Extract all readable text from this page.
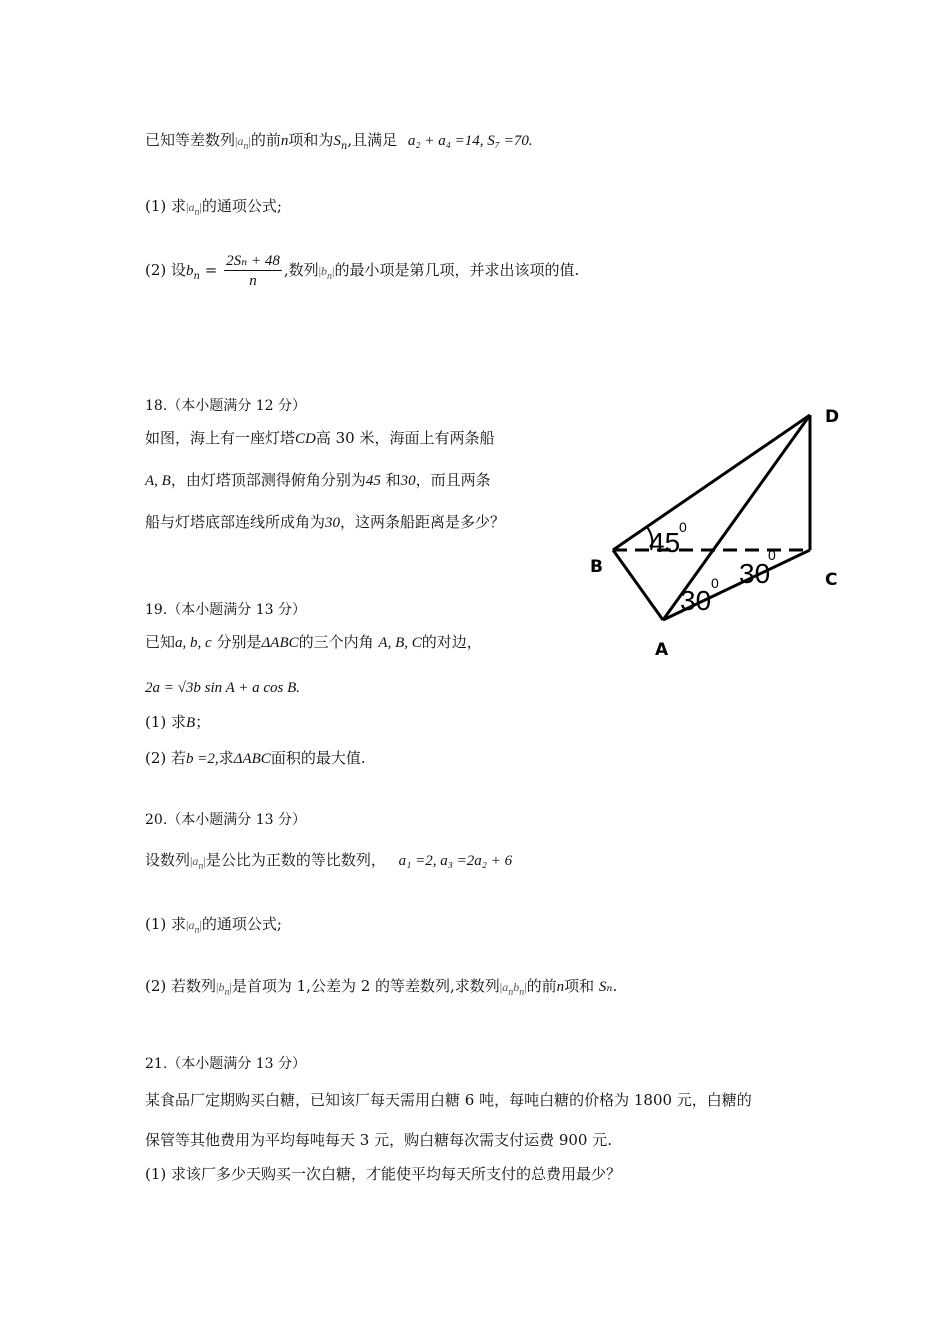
已知等差数列$|a_n|$的前n项和为$S_n$,且满足 a₂ + a₄ =14, S₇ =70.
(1) 求$|a_n|$的通项公式;
(2) 设$b_n = \frac{\text{2Sₙ + 48}}{n}$ ,数列$|b_n|$的最小项是第几项，并求出该项的值.
18.（本小题满分 12 分）
如图，海上有一座灯塔CD高 30 米，海面上有两条船
A, B，由灯塔顶部测得俯角分别为45 和30，而且两条
船与灯塔底部连线所成角为30，这两条船距离是多少？
D
B
C
A
45
0
30
0 30
0
19.（本小题满分 13 分）
已知a, b, c 分别是ΔABC的三个内角 A, B, C的对边，
2a = √3b sin A + a cos B.
(1) 求B；
(2) 若b =2,求ΔABC面积的最大值.
20.（本小题满分 13 分）
设数列$|a_n|$是公比为正数的等比数列， a₁ =2, a₃ =2a₂ + 6
(1) 求$|a_n|$的通项公式;
(2) 若数列$|b_n|$是首项为 1,公差为 2 的等差数列,求数列$|a_nb_n|$的前n项和 Sₙ.
21.（本小题满分 13 分）
某食品厂定期购买白糖，已知该厂每天需用白糖 6 吨，每吨白糖的价格为 1800 元，白糖的
保管等其他费用为平均每吨每天 3 元，购白糖每次需支付运费 900 元.
(1) 求该厂多少天购买一次白糖，才能使平均每天所支付的总费用最少？
